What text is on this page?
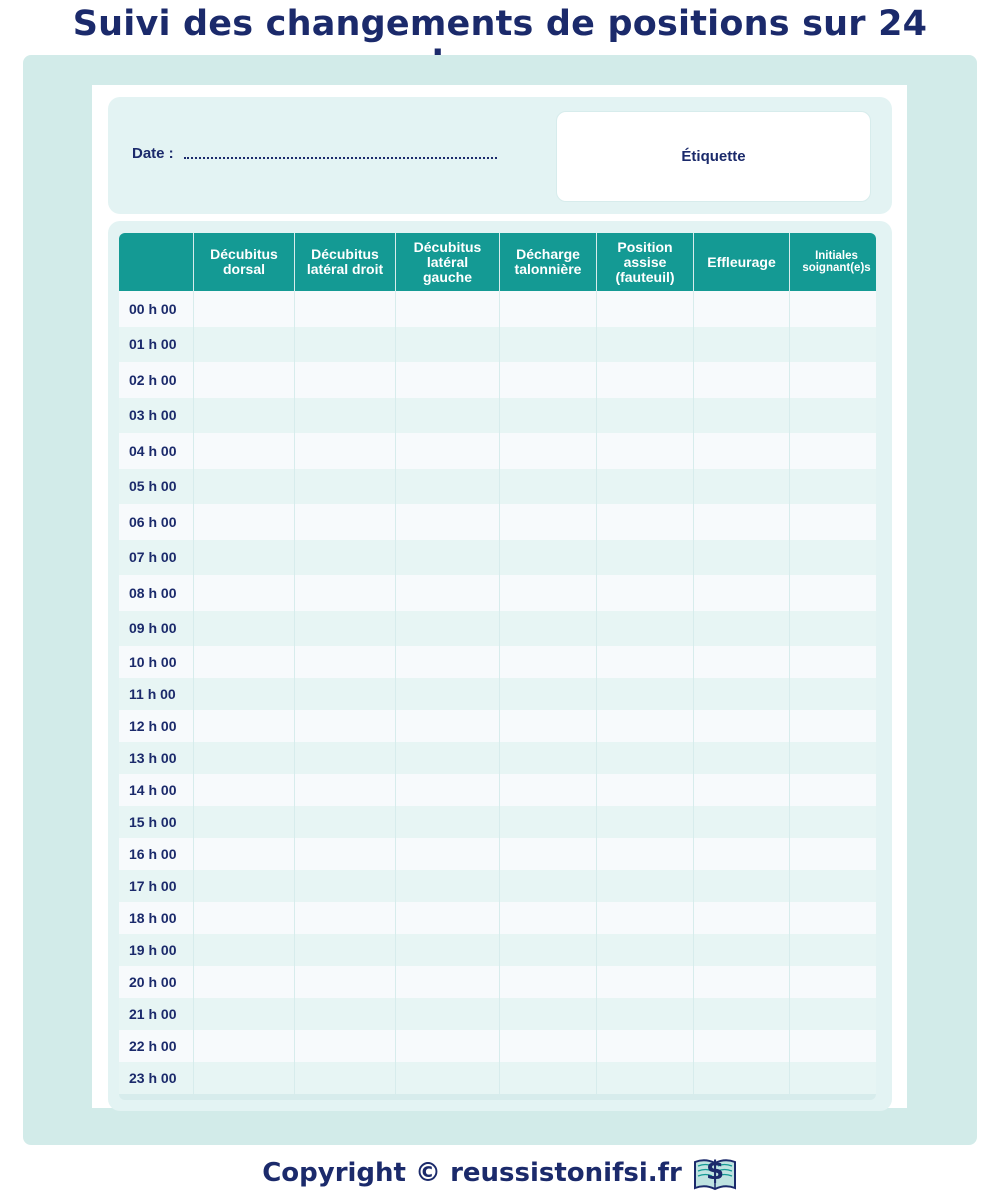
Suivi des changements de positions sur 24
Date :	Étiquette
Décubitus
dorsal
Décubitus
latéral droit
Décubitus
latéral
gauche
Décharge
talonnière
Position
assise
(fauteuil)
Effleurage	Initiales
soignant(e)s
00 h 00
01 h 00
02 h 00
03 h 00
04 h 00
05 h 00
06 h 00
07 h 00
08 h 00
09 h 00
10 h 00
11 h 00
12 h 00
13 h 00
14 h 00
15 h 00
16 h 00
17 h 00
18 h 00
19 h 00
20 h 00
21 h 00
22 h 00
23 h 00
Copyright © reussistonifsi.fr $
